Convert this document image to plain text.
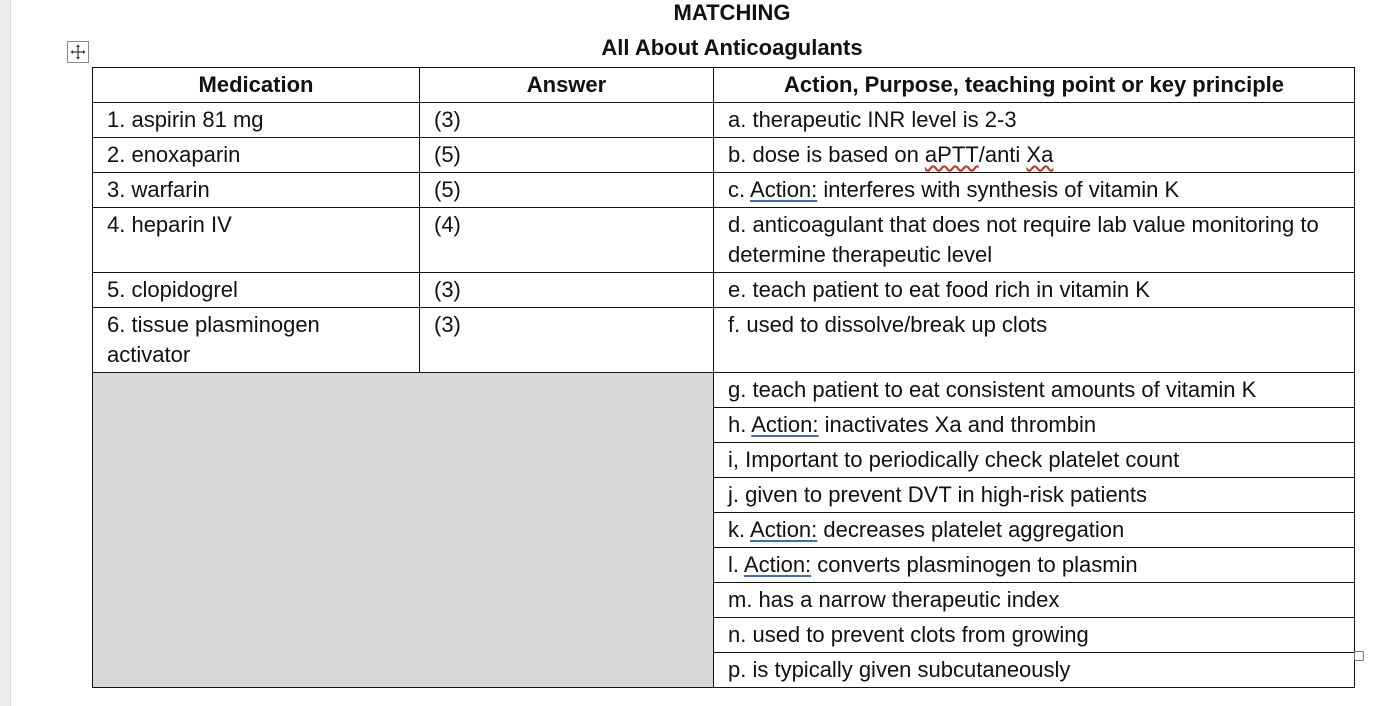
MATCHING
All About Anticoagulants
Medication	Answer	Action, Purpose, teaching point or key principle
1. aspirin 81 mg	(3)	a. therapeutic INR level is 2-3
2. enoxaparin	(5)	b. dose is based on aPTT/anti Xa
3. warfarin	(5)	c. Action: interferes with synthesis of vitamin K
4. heparin IV	(4)	d. anticoagulant that does not require lab value monitoring to determine therapeutic level
5. clopidogrel	(3)	e. teach patient to eat food rich in vitamin K
6. tissue plasminogen activator	(3)	f. used to dissolve/break up clots
		g. teach patient to eat consistent amounts of vitamin K
		h. Action: inactivates Xa and thrombin
		i, Important to periodically check platelet count
		j. given to prevent DVT in high-risk patients
		k. Action: decreases platelet aggregation
		l. Action: converts plasminogen to plasmin
		m. has a narrow therapeutic index
		n. used to prevent clots from growing
		p. is typically given subcutaneously
